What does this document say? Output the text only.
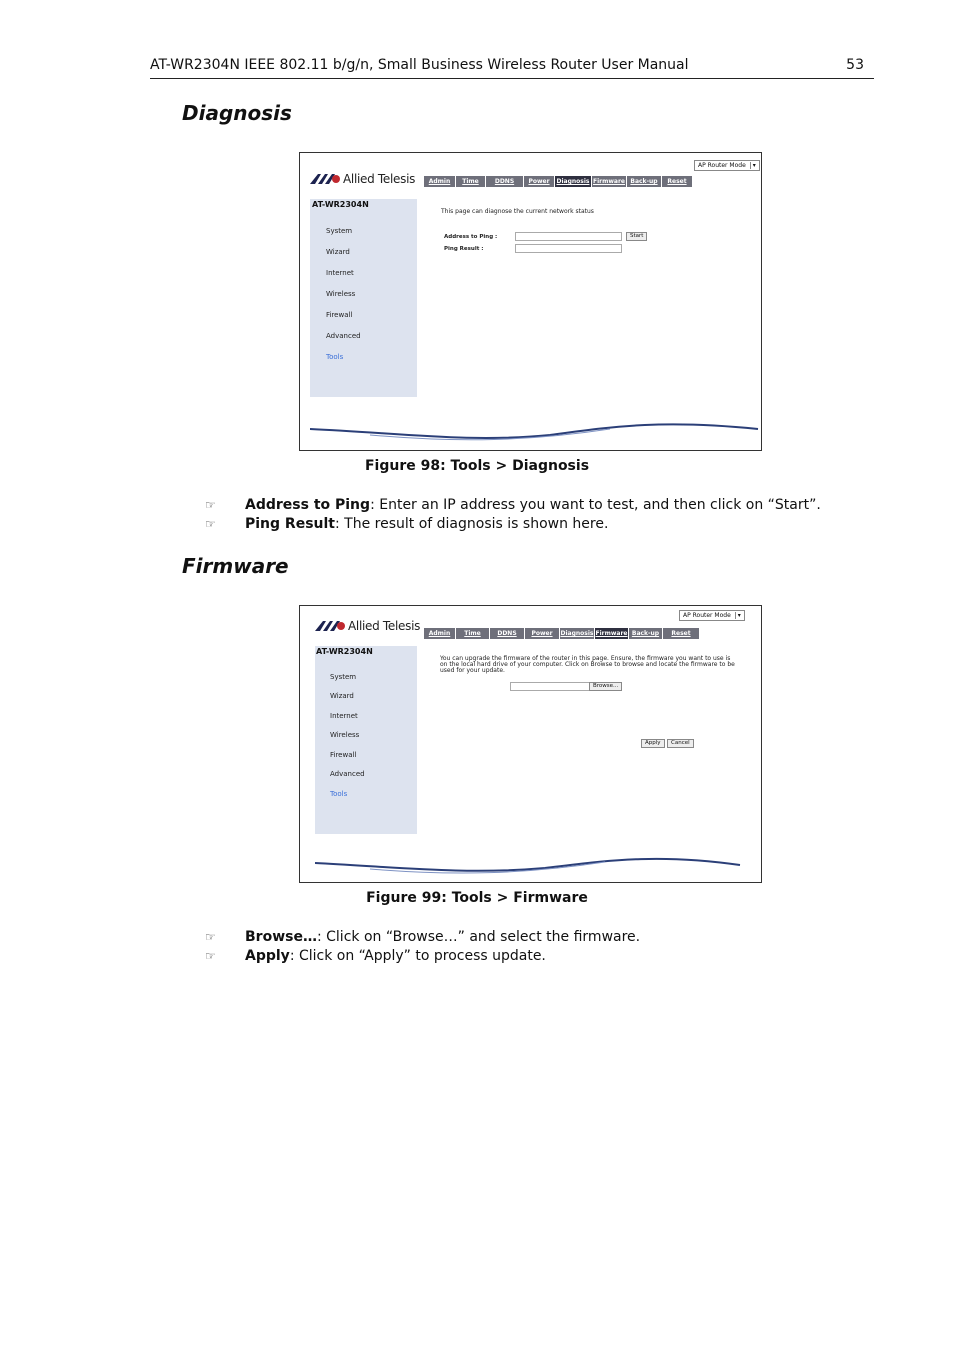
AT-WR2304N IEEE 802.11 b/g/n, Small Business Wireless Router User Manual	53
Diagnosis
AP Router Mode ▾
Allied Telesis	Admin	Time	DDNS	Power	Diagnosis Firmware Back-up	Reset
AT-WR2304N
System
Wizard
Internet
Wireless
Firewall
Advanced
Tools
This page can diagnose the current network status
Address to Ping :	Start
Ping Result :
Figure 98: Tools > Diagnosis
☞ Address to Ping: Enter an IP address you want to test, and then click on “Start”.
☞ Ping Result: The result of diagnosis is shown here.
Firmware
AP Router Mode ▾
Allied Telesis
Admin	Time	DDNS	Power	Diagnosis Firmware Back-up	Reset
AT-WR2304N
System
Wizard
Internet
Wireless
Firewall
Advanced
Tools
You can upgrade the firmware of the router in this page. Ensure, the firmware you want to use is
on the local hard drive of your computer. Click on Browse to browse and locate the firmware to be
used for your update.
Browse...
Apply	Cancel
Figure 99: Tools > Firmware
☞ Browse…: Click on “Browse…” and select the firmware.
☞ Apply: Click on “Apply” to process update.
